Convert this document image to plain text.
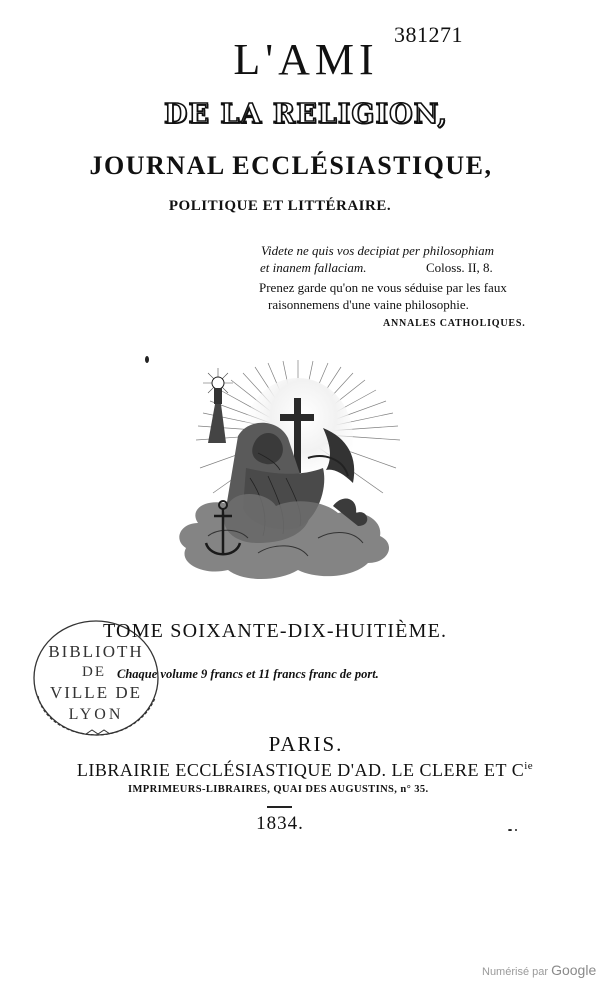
L'AMI
381271
DE LA RELIGION,
JOURNAL ECCLÉSIASTIQUE,
POLITIQUE ET LITTÉRAIRE.
Videte ne quis vos decipiat per philosophiam
et inanem fallaciam.	Coloss. II, 8.
Prenez garde qu'on ne vous séduise par les faux
raisonnemens d'une vaine philosophie.
ANNALES CATHOLIQUES.
BIBLIOTH
DE
VILLE DE
LYON
TOME SOIXANTE-DIX-HUITIÈME.
Chaque volume 9 francs et 11 francs franc de port.
PARIS.
LIBRAIRIE ECCLÉSIASTIQUE D'AD. LE CLERE ET $C^{ie}$
IMPRIMEURS-LIBRAIRES, QUAI DES AUGUSTINS, n° 35.
1834.
Numérisé par Google
